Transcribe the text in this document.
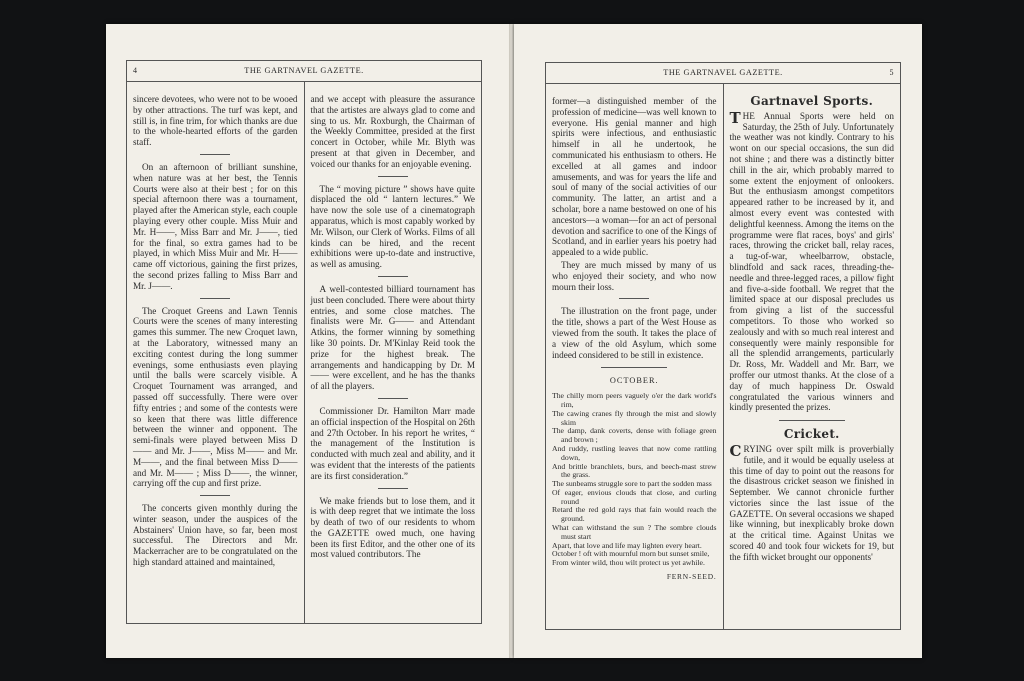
4	THE GARTNAVEL GAZETTE.

sincere devotees, who were not to be wooed by other attractions. The turf was kept, and still is, in fine trim, for which thanks are due to the whole-hearted efforts of the garden staff.

On an afternoon of brilliant sunshine, when nature was at her best, the Tennis Courts were also at their best ; for on this special afternoon there was a tournament, played after the American style, each couple playing every other couple. Miss Muir and Mr. H——, Miss Barr and Mr. J——, tied for the final, so extra games had to be played, in which Miss Muir and Mr. H—— came off victorious, gaining the first prizes, the second prizes falling to Miss Barr and Mr. J——.

The Croquet Greens and Lawn Tennis Courts were the scenes of many interesting games this summer. The new Croquet lawn, at the Laboratory, witnessed many an exciting contest during the long summer evenings, some enthusiasts even playing until the balls were scarcely visible. A Croquet Tournament was arranged, and passed off successfully. There were over fifty entries ; and some of the contests were so keen that there was little difference between the winner and opponent. The semi-finals were played between Miss D—— and Mr. J——, Miss M—— and Mr. M——, and the final between Miss D—— and Mr. M—— ; Miss D——, the winner, carrying off the cup and first prize.

The concerts given monthly during the winter season, under the auspices of the Abstainers' Union have, so far, been most successful. The Directors and Mr. Mackerracher are to be congratulated on the high standard attained and maintained,

and we accept with pleasure the assurance that the artistes are always glad to come and sing to us. Mr. Roxburgh, the Chairman of the Weekly Committee, presided at the first concert in October, while Mr. Blyth was present at that given in December, and voiced our thanks for an enjoyable evening.

The “ moving picture ” shows have quite displaced the old “ lantern lectures.” We have now the sole use of a cinematograph apparatus, which is most capably worked by Mr. Wilson, our Clerk of Works. Films of all kinds can be hired, and the recent exhibitions were up-to-date and instructive, as well as amusing.

A well-contested billiard tournament has just been concluded. There were about thirty entries, and some close matches. The finalists were Mr. G—— and Attendant Atkins, the former winning by something like 30 points. Dr. M'Kinlay Reid took the prize for the highest break. The arrangements and handicapping by Dr. M—— were excellent, and he has the thanks of all the players.

Commissioner Dr. Hamilton Marr made an official inspection of the Hospital on 26th and 27th October. In his report he writes, “ the management of the Institution is conducted with much zeal and ability, and it was evident that the interests of the patients are its first consideration.”

We make friends but to lose them, and it is with deep regret that we intimate the loss by death of two of our residents to whom the GAZETTE owed much, one having been its first Editor, and the other one of its most valued contributors. The

THE GARTNAVEL GAZETTE.	5

former—a distinguished member of the profession of medicine—was well known to everyone. His genial manner and high spirits were infectious, and enthusiastic himself in all he undertook, he communicated his enthusiasm to others. He excelled at all games and indoor amusements, and was for years the life and soul of many of the social activities of our community. The latter, an artist and a scholar, bore a name bestowed on one of his ancestors—a woman—for an act of personal devotion and sacrifice to one of the Kings of Scotland, and in earlier years his poetry had appealed to a wide public.

They are much missed by many of us who enjoyed their society, and who now mourn their loss.

The illustration on the front page, under the title, shows a part of the West House as viewed from the south. It takes the place of a view of the old Asylum, which some indeed considered to be still in existence.

OCTOBER.
The chilly morn peers vaguely o'er the dark world's rim,
The cawing cranes fly through the mist and slowly skim
The damp, dank coverts, dense with foliage green and brown ;
And ruddy, rustling leaves that now come rattling down,
And brittle branchlets, burs, and beech-mast strew the grass.
The sunbeams struggle sore to part the sodden mass
Of eager, envious clouds that close, and curling round
Retard the red gold rays that fain would reach the ground.
What can withstand the sun ? The sombre clouds must start
Apart, that love and life may lighten every heart.
October ! oft with mournful morn but sunset smile,
From winter wild, thou wilt protect us yet awhile.
FERN-SEED.
Gartnavel Sports.

THE Annual Sports were held on Saturday, the 25th of July. Unfortunately the weather was not kindly. Contrary to his wont on our special occasions, the sun did not shine ; and there was a distinctly bitter chill in the air, which probably marred to some extent the enjoyment of onlookers. But the enthusiasm amongst competitors appeared rather to be increased by it, and almost every event was contested with delightful keenness. Among the items on the programme were flat races, boys' and girls' races, throwing the cricket ball, relay races, a tug-of-war, wheelbarrow, obstacle, blindfold and sack races, threading-the-needle and three-legged races, a pillow fight and five-a-side football. We regret that the limited space at our disposal precludes us from giving a list of the successful competitors. To those who worked so zealously and with so much real interest and consequently were mainly responsible for all the splendid arrangements, particularly Dr. Ross, Mr. Waddell and Mr. Barr, we proffer our utmost thanks. At the close of a day of much happiness Dr. Oswald congratulated the various winners and kindly presented the prizes.

Cricket.

CRYING over spilt milk is proverbially futile, and it would be equally useless at this time of day to point out the reasons for the disastrous cricket season we finished in September. We cannot chronicle further victories since the last issue of the GAZETTE. On several occasions we shaped like winning, but inexplicably broke down at the critical time. Against Unitas we scored 40 and took four wickets for 19, but the fifth wicket brought our opponents'
